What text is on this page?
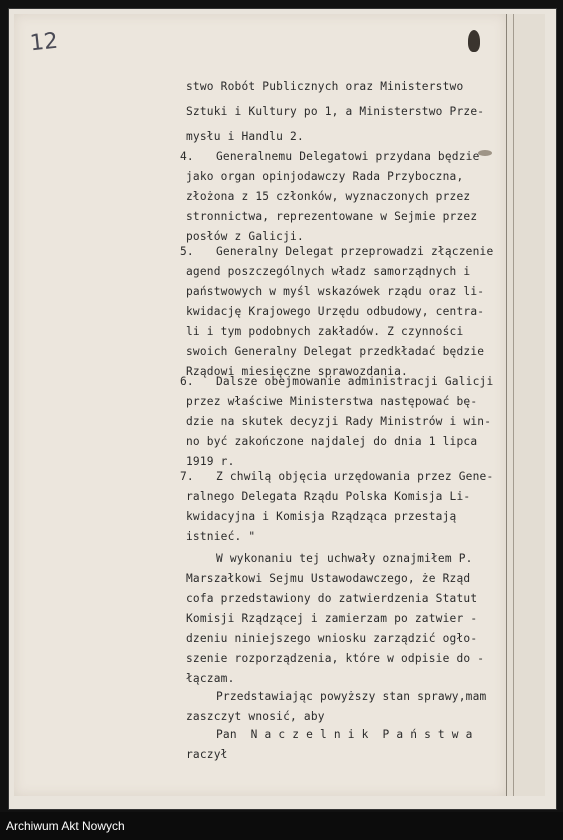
12
stwo Robót Publicznych oraz Ministerstwo
Sztuki i Kultury po 1, a Ministerstwo Prze-
mysłu i Handlu 2.
4. Generalnemu Delegatowi przydana będzie
jako organ opinjodawczy Rada Przyboczna,
złożona z 15 członków, wyznaczonych przez
stronnictwa, reprezentowane w Sejmie przez
posłów z Galicji.
5. Generalny Delegat przeprowadzi złączenie
agend poszczególnych władz samorządnych i
państwowych w myśl wskazówek rządu oraz li-
kwidację Krajowego Urzędu odbudowy, centra-
li i tym podobnych zakładów. Z czynności
swoich Generalny Delegat przedkładać będzie
Rządowi miesięczne sprawozdania.
6. Dalsze obejmowanie administracji Galicji
przez właściwe Ministerstwa następować bę-
dzie na skutek decyzji Rady Ministrów i win-
no być zakończone najdalej do dnia 1 lipca
1919 r.
7. Z chwilą objęcia urzędowania przez Gene-
ralnego Delegata Rządu Polska Komisja Li-
kwidacyjna i Komisja Rządząca przestają
istnieć. "
W wykonaniu tej uchwały oznajmiłem P.
Marszałkowi Sejmu Ustawodawczego, że Rząd
cofa przedstawiony do zatwierdzenia Statut
Komisji Rządzącej i zamierzam po zatwier -
dzeniu niniejszego wniosku zarządzić ogło-
szenie rozporządzenia, które w odpisie do -
łączam.
Przedstawiając powyższy stan sprawy,mam
zaszczyt wnosić, aby
Pan  N a c z e l n i k  P a ń s t w a
raczył
Archiwum Akt Nowych
